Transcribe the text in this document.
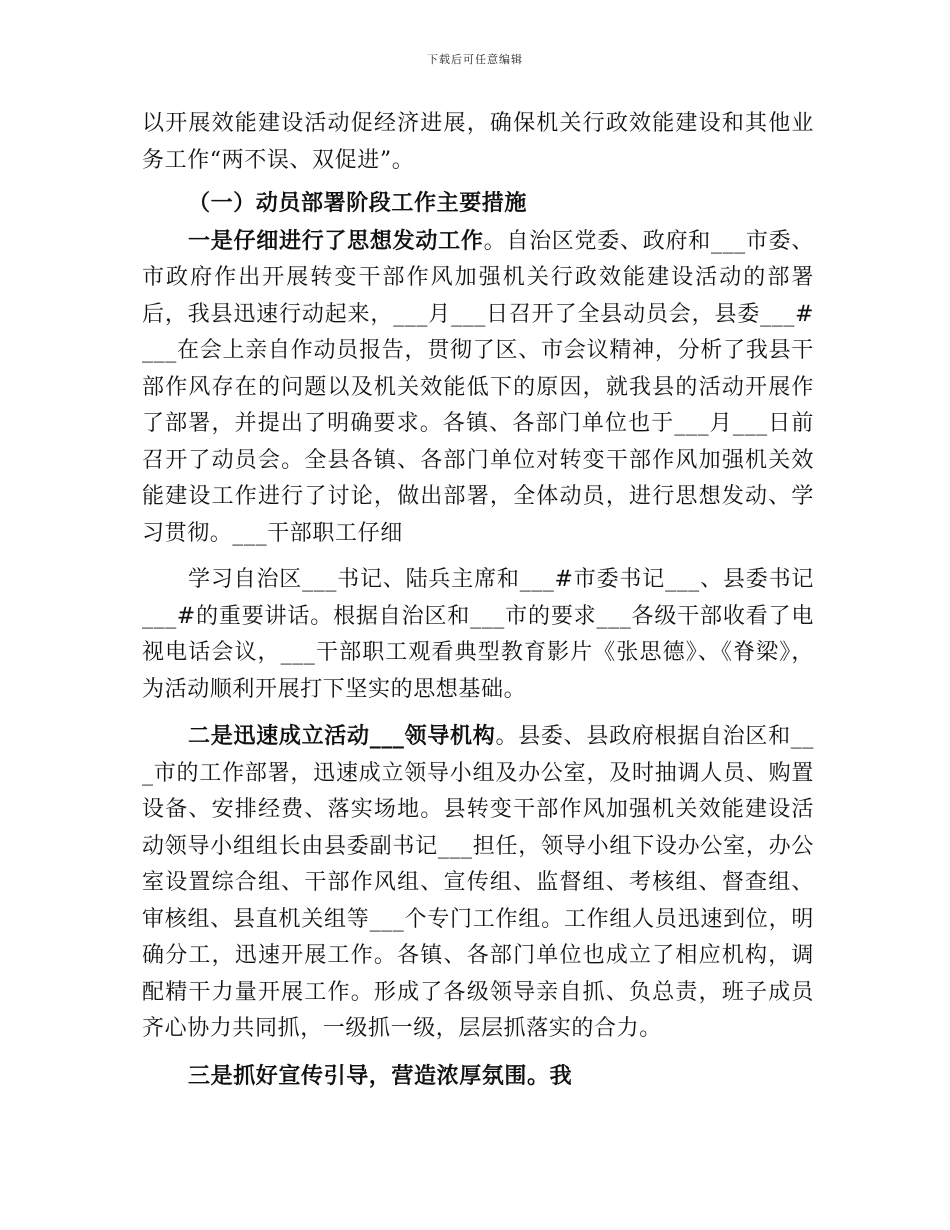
下载后可任意编辑

以开展效能建设活动促经济进展，确保机关行政效能建设和其他业务工作“两不误、双促进”。

（一）动员部署阶段工作主要措施

一是仔细进行了思想发动工作。自治区党委、政府和___市委、市政府作出开展转变干部作风加强机关行政效能建设活动的部署后，我县迅速行动起来，___月___日召开了全县动员会，县委___#___在会上亲自作动员报告，贯彻了区、市会议精神，分析了我县干部作风存在的问题以及机关效能低下的原因，就我县的活动开展作了部署，并提出了明确要求。各镇、各部门单位也于___月___日前召开了动员会。全县各镇、各部门单位对转变干部作风加强机关效能建设工作进行了讨论，做出部署，全体动员，进行思想发动、学习贯彻。___干部职工仔细

学习自治区___书记、陆兵主席和___#市委书记___、县委书记___#的重要讲话。根据自治区和___市的要求___各级干部收看了电视电话会议，___干部职工观看典型教育影片《张思德》、《脊梁》，为活动顺利开展打下坚实的思想基础。

二是迅速成立活动___领导机构。县委、县政府根据自治区和___市的工作部署，迅速成立领导小组及办公室，及时抽调人员、购置设备、安排经费、落实场地。县转变干部作风加强机关效能建设活动领导小组组长由县委副书记___担任，领导小组下设办公室，办公室设置综合组、干部作风组、宣传组、监督组、考核组、督查组、审核组、县直机关组等___个专门工作组。工作组人员迅速到位，明确分工，迅速开展工作。各镇、各部门单位也成立了相应机构，调配精干力量开展工作。形成了各级领导亲自抓、负总责，班子成员齐心协力共同抓，一级抓一级，层层抓落实的合力。

三是抓好宣传引导，营造浓厚氛围。我
